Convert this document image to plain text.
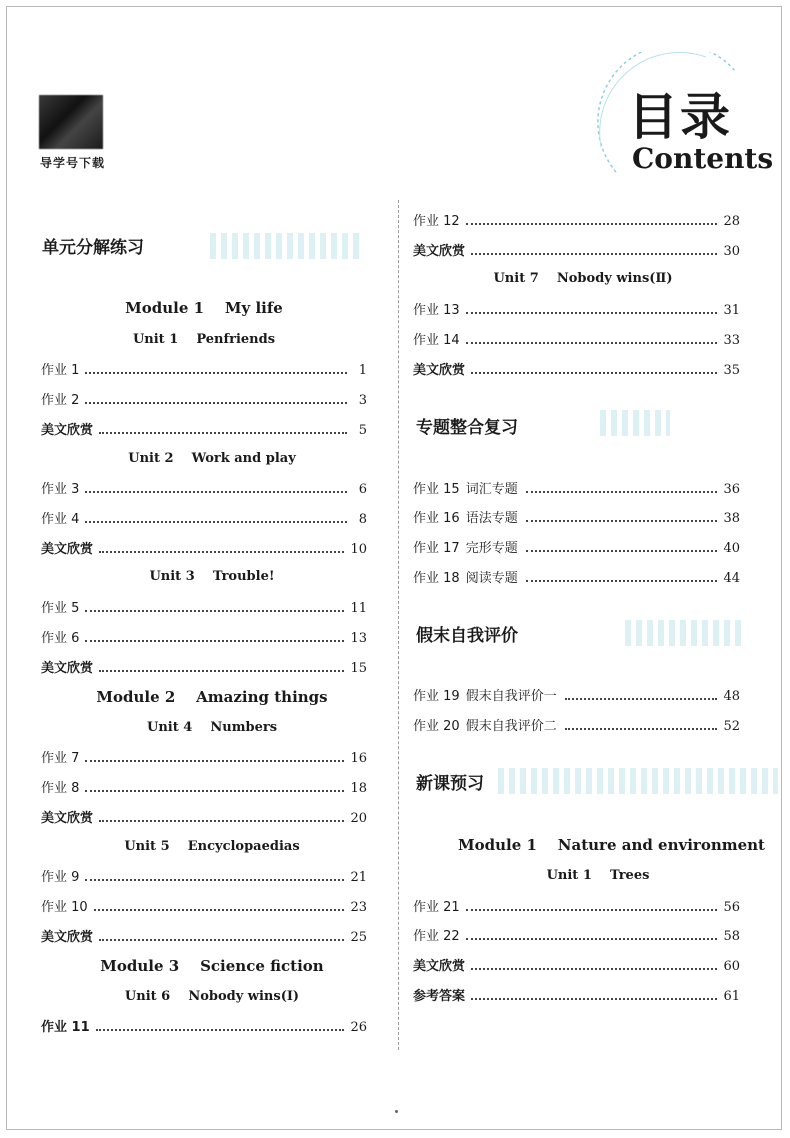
导学号下载
目录
Contents
单元分解练习
Module 1    My life
Unit 1    Penfriends
作业 1	1
作业 2	3
美文欣赏	5
Unit 2    Work and play
作业 3	6
作业 4	8
美文欣赏	10
Unit 3    Trouble!
作业 5	11
作业 6	13
美文欣赏	15
Module 2    Amazing things
Unit 4    Numbers
作业 7	16
作业 8	18
美文欣赏	20
Unit 5    Encyclopaedias
作业 9	21
作业 10	23
美文欣赏	25
Module 3    Science fiction
Unit 6    Nobody wins(Ⅰ)
作业 11	26
作业 12	28
美文欣赏	30
Unit 7    Nobody wins(Ⅱ)
作业 13	31
作业 14	33
美文欣赏	35
专题整合复习
作业 15 词汇专题	36
作业 16 语法专题	38
作业 17 完形专题	40
作业 18 阅读专题	44
假末自我评价
作业 19 假末自我评价一	48
作业 20 假末自我评价二	52
新课预习
Module 1    Nature and environment
Unit 1    Trees
作业 21	56
作业 22	58
美文欣赏	60
参考答案	61
